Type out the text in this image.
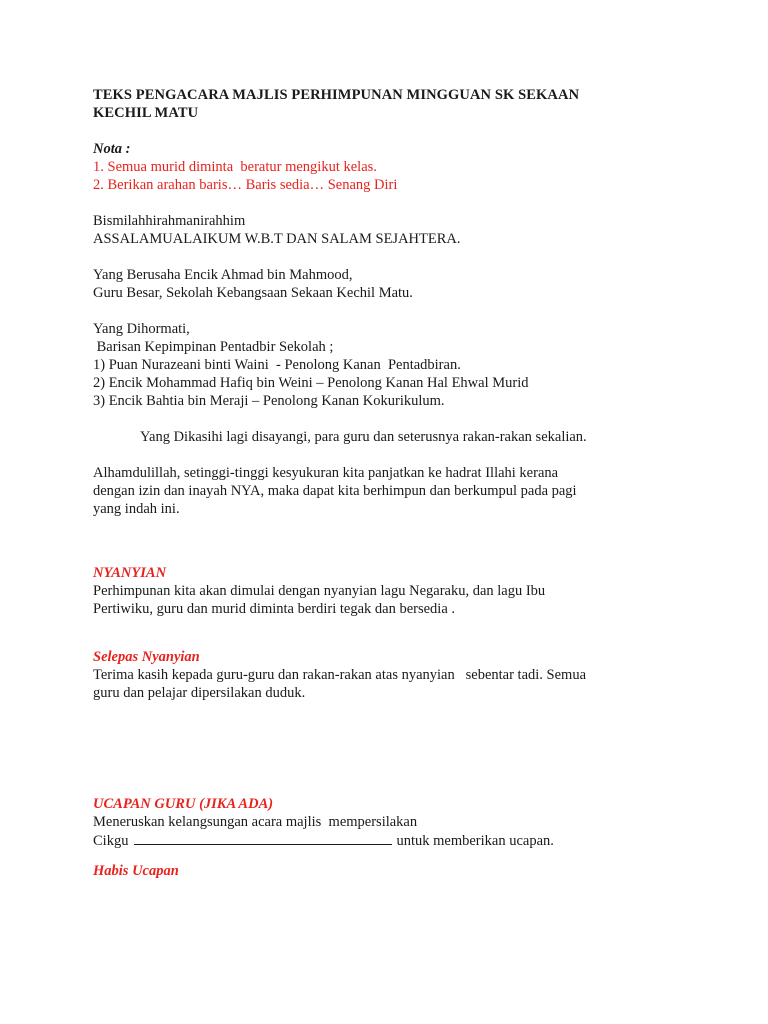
TEKS PENGACARA MAJLIS PERHIMPUNAN MINGGUAN SK SEKAAN
KECHIL MATU
Nota :
1. Semua murid diminta  beratur mengikut kelas.
2. Berikan arahan baris… Baris sedia… Senang Diri
Bismilahhirahmanirahhim
ASSALAMUALAIKUM W.B.T DAN SALAM SEJAHTERA.
Yang Berusaha Encik Ahmad bin Mahmood,
Guru Besar, Sekolah Kebangsaan Sekaan Kechil Matu.
Yang Dihormati,
Barisan Kepimpinan Pentadbir Sekolah ;
1) Puan Nurazeani binti Waini  - Penolong Kanan  Pentadbiran.
2) Encik Mohammad Hafiq bin Weini – Penolong Kanan Hal Ehwal Murid
3) Encik Bahtia bin Meraji – Penolong Kanan Kokurikulum.
Yang Dikasihi lagi disayangi, para guru dan seterusnya rakan-rakan sekalian.
Alhamdulillah, setinggi-tinggi kesyukuran kita panjatkan ke hadrat Illahi kerana
dengan izin dan inayah NYA, maka dapat kita berhimpun dan berkumpul pada pagi
yang indah ini.
NYANYIAN
Perhimpunan kita akan dimulai dengan nyanyian lagu Negaraku, dan lagu Ibu
Pertiwiku, guru dan murid diminta berdiri tegak dan bersedia .
Selepas Nyanyian
Terima kasih kepada guru-guru dan rakan-rakan atas nyanyian   sebentar tadi. Semua
guru dan pelajar dipersilakan duduk.
UCAPAN GURU (JIKA ADA)
Meneruskan kelangsungan acara majlis  mempersilakan
Cikgu	untuk memberikan ucapan.
Habis Ucapan
